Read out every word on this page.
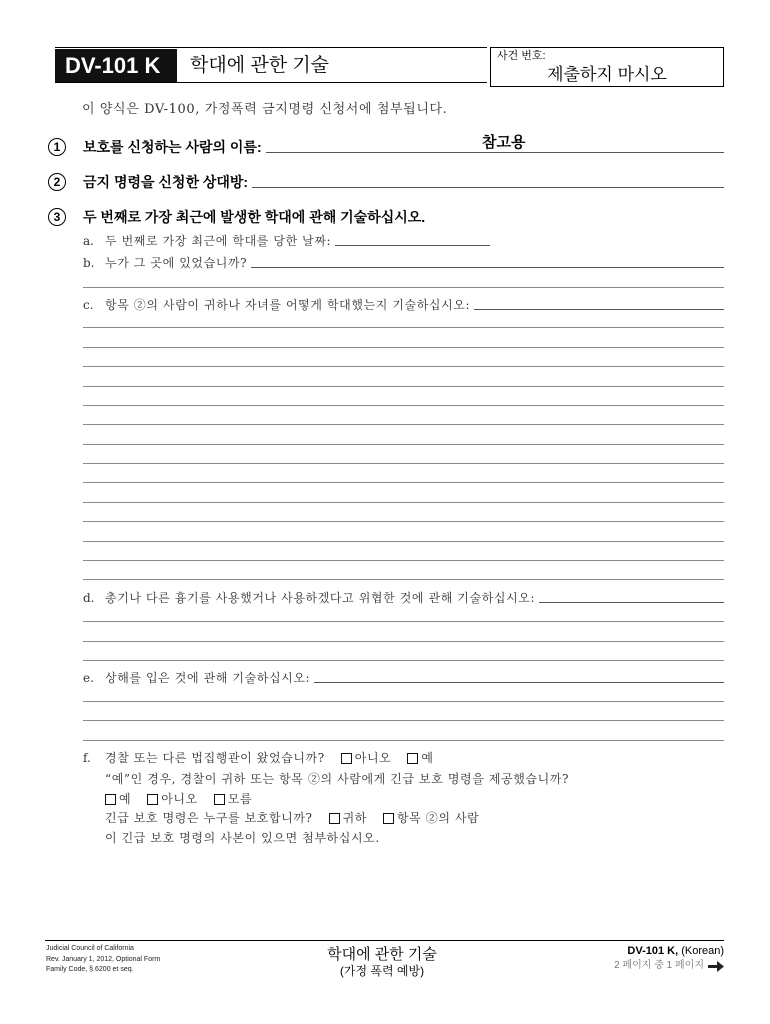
DV-101 K	학대에 관한 기술	사건 번호:
제출하지 마시오
이 양식은 DV-100, 가정폭력 금지명령 신청서에 첨부됩니다.
1	보호를 신청하는 사람의 이름:	참고용
2	금지 명령을 신청한 상대방:
3	두 번째로 가장 최근에 발생한 학대에 관해 기술하십시오.
a. 두 번째로 가장 최근에 학대를 당한 날짜:
b. 누가 그 곳에 있었습니까?
c. 항목 ②의 사람이 귀하나 자녀를 어떻게 학대했는지 기술하십시오:
d. 총기나 다른 흉기를 사용했거나 사용하겠다고 위협한 것에 관해 기술하십시오:
e. 상해를 입은 것에 관해 기술하십시오:
f.	경찰 또는 다른 법집행관이 왔었습니까?	아니오	예
“예”인 경우, 경찰이 귀하 또는 항목 ②의 사람에게 긴급 보호 명령을 제공했습니까?
예	아니오	모름
긴급 보호 명령은 누구를 보호합니까?	귀하	항목 ②의 사람
이 긴급 보호 명령의 사본이 있으면 첨부하십시오.
Judicial Council of California
Rev. January 1, 2012, Optional Form
Family Code, § 6200 et seq.
학대에 관한 기술
(가정 폭력 예방)
DV-101 K, (Korean)
2 페이지 중 1 페이지
